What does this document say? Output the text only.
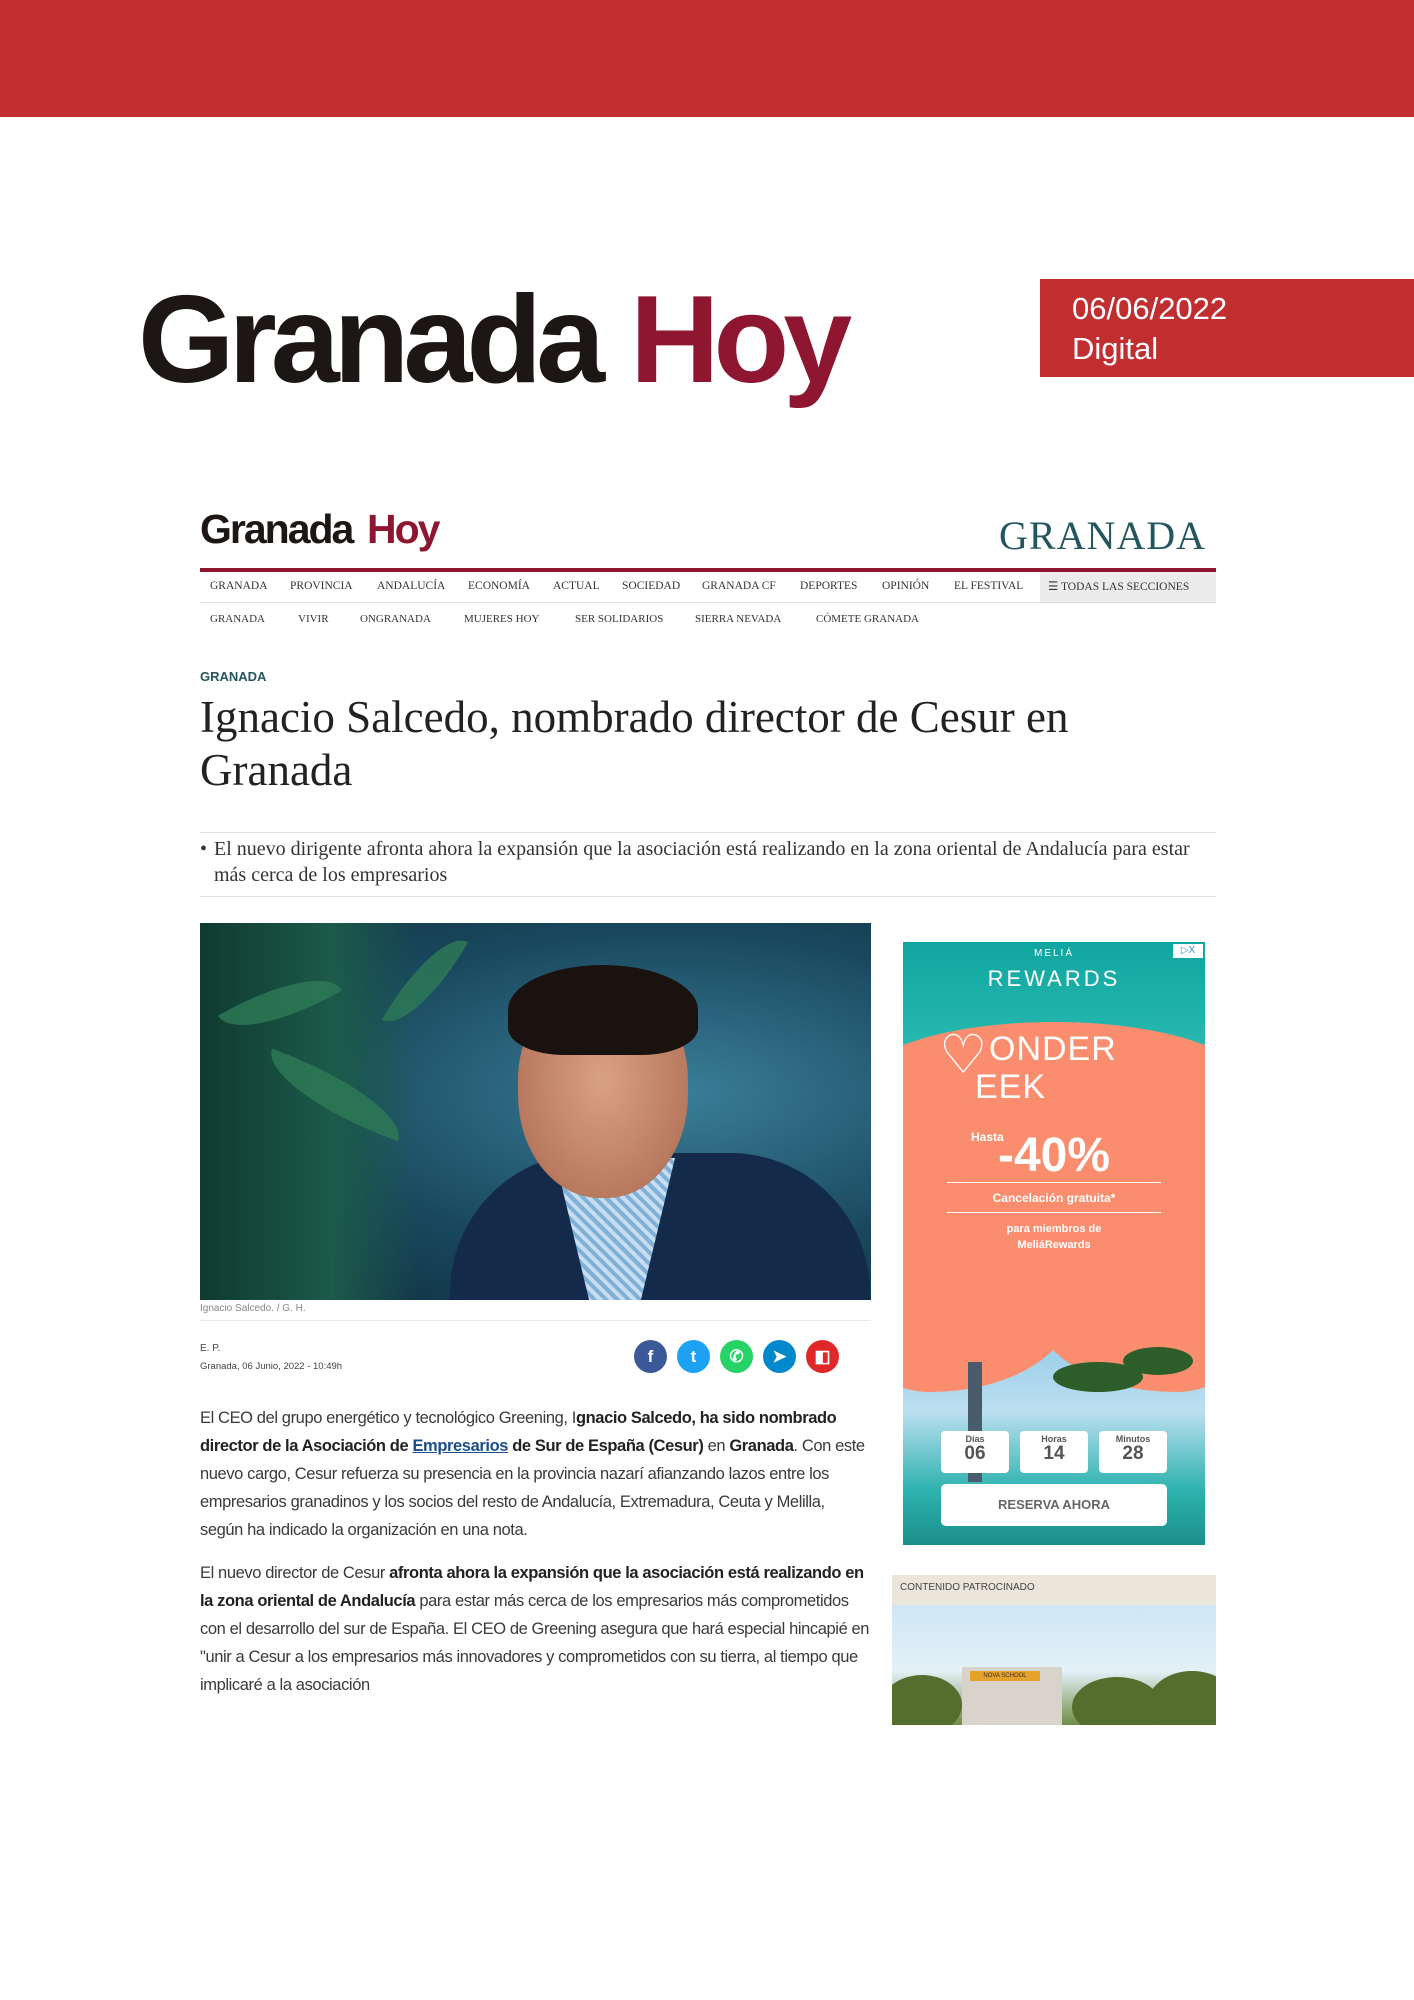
Granada Hoy	06/06/2022
Digital
Granada Hoy	GRANADA
GRANADA PROVINCIA ANDALUCÍA ECONOMÍA ACTUAL SOCIEDAD GRANADA CF DEPORTES OPINIÓN EL FESTIVAL	☰ TODAS LAS SECCIONES
GRANADA	VIVIR	ONGRANADA	MUJERES HOY	SER SOLIDARIOS	SIERRA NEVADA	CÓMETE GRANADA
GRANADA
Ignacio Salcedo, nombrado director de Cesur en Granada
• El nuevo dirigente afronta ahora la expansión que la asociación está realizando en la zona oriental de Andalucía para estar más cerca de los empresarios
Ignacio Salcedo. / G. H.
E. P.
Granada, 06 Junio, 2022 - 10:49h
f	t	✆	➤	◧

El CEO del grupo energético y tecnológico Greening, Ignacio Salcedo, ha sido nombrado director de la Asociación de Empresarios de Sur de España (Cesur) en Granada. Con este nuevo cargo, Cesur refuerza su presencia en la provincia nazarí afianzando lazos entre los empresarios granadinos y los socios del resto de Andalucía, Extremadura, Ceuta y Melilla, según ha indicado la organización en una nota.

El nuevo director de Cesur afronta ahora la expansión que la asociación está realizando en la zona oriental de Andalucía para estar más cerca de los empresarios más comprometidos con el desarrollo del sur de España. El CEO de Greening asegura que hará especial hincapié en "unir a Cesur a los empresarios más innovadores y comprometidos con su tierra, al tiempo que implicaré a la asociación

▷X
MELIÁ
REWARDS
♡ ONDER
EEK
Hasta
-40%
Cancelación gratuita*
para miembros de
MeliáRewards
Días
06
Horas
14
Minutos
28
RESERVA AHORA
CONTENIDO PATROCINADO
NOVA SCHOOL
